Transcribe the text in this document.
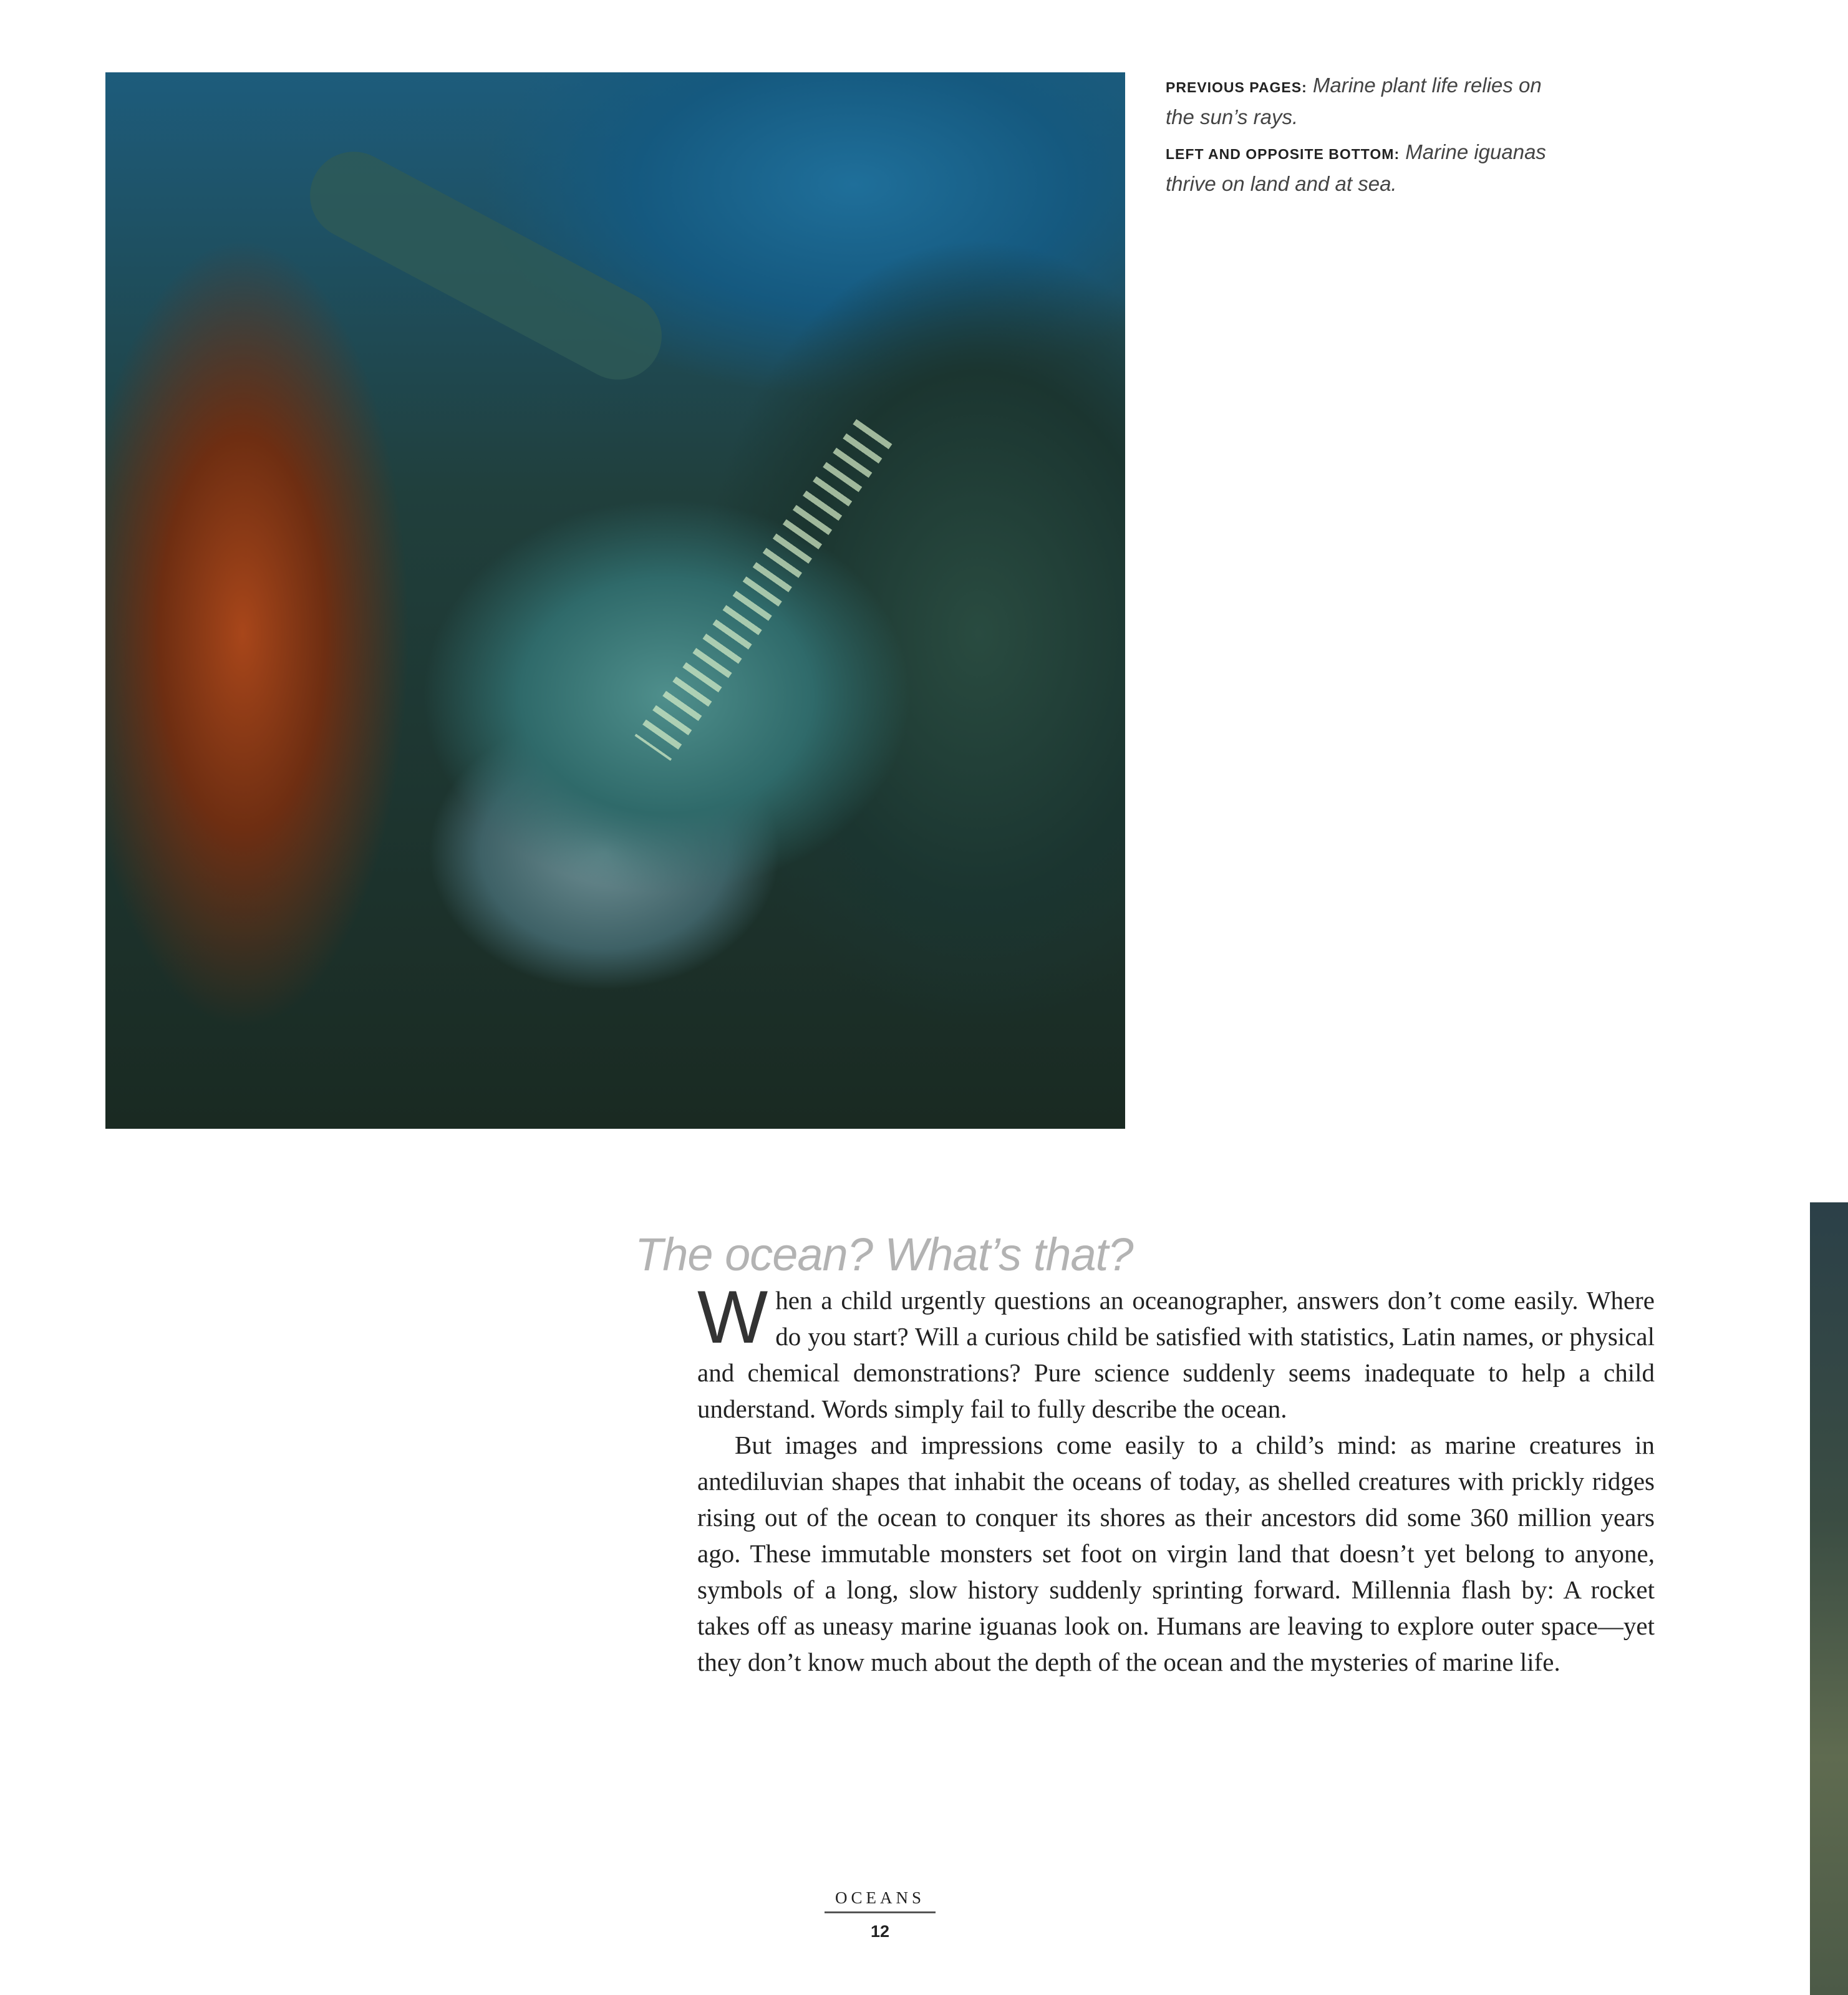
PREVIOUS PAGES: Marine plant life relies on the sun’s rays.

LEFT AND OPPOSITE BOTTOM: Marine iguanas thrive on land and at sea.

The ocean? What’s that?

When a child urgently questions an oceanographer, answers don’t come easily. Where do you start? Will a curious child be satisfied with statistics, Latin names, or physical and chemical demonstrations? Pure science suddenly seems inadequate to help a child understand. Words simply fail to fully describe the ocean.

But images and impressions come easily to a child’s mind: as marine creatures in antediluvian shapes that inhabit the oceans of today, as shelled creatures with prickly ridges rising out of the ocean to conquer its shores as their ancestors did some 360 million years ago. These immutable monsters set foot on virgin land that doesn’t yet belong to anyone, symbols of a long, slow history suddenly sprinting forward. Millennia flash by: A rocket takes off as uneasy marine iguanas look on. Humans are leaving to explore outer space—yet they don’t know much about the depth of the ocean and the mysteries of marine life.

OCEANS
12
